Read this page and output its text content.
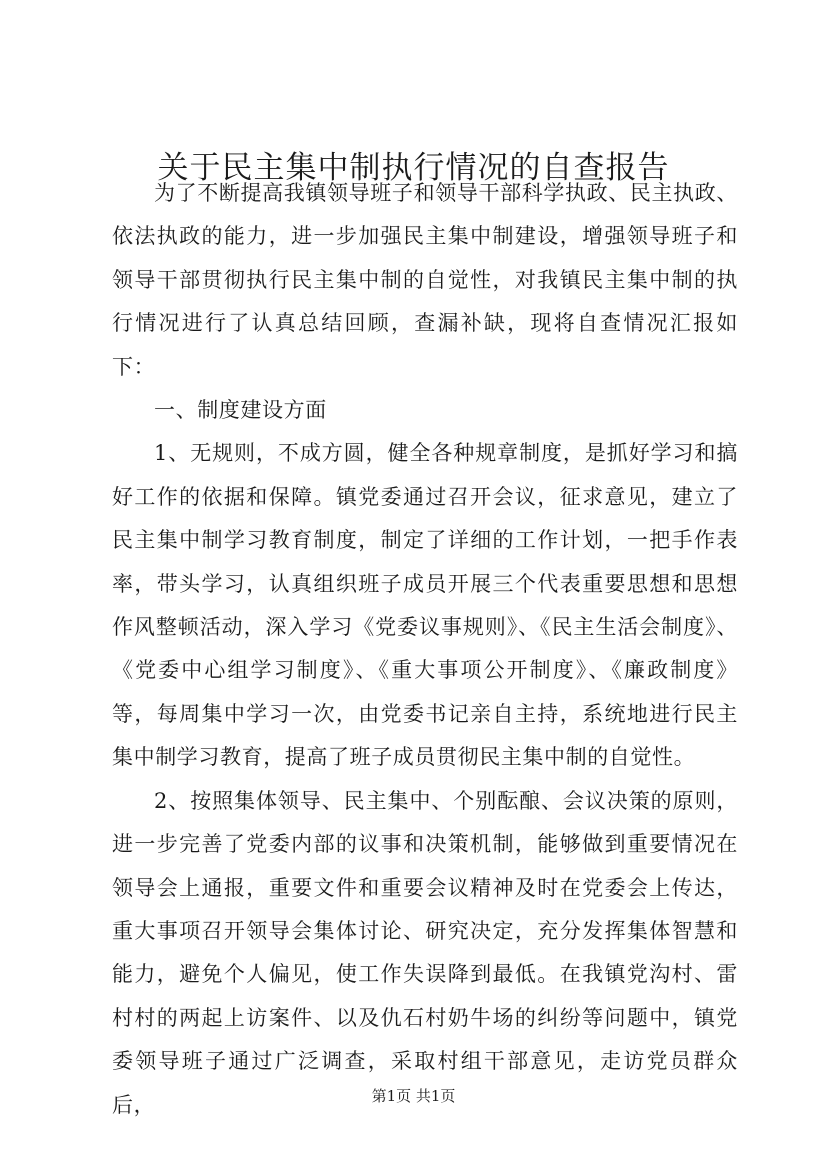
关于民主集中制执行情况的自查报告

为了不断提高我镇领导班子和领导干部科学执政、民主执政、依法执政的能力，进一步加强民主集中制建设，增强领导班子和领导干部贯彻执行民主集中制的自觉性，对我镇民主集中制的执行情况进行了认真总结回顾，查漏补缺，现将自查情况汇报如下：

一、制度建设方面

1、无规则，不成方圆，健全各种规章制度，是抓好学习和搞好工作的依据和保障。镇党委通过召开会议，征求意见，建立了民主集中制学习教育制度，制定了详细的工作计划，一把手作表率，带头学习，认真组织班子成员开展三个代表重要思想和思想作风整顿活动，深入学习《党委议事规则》、《民主生活会制度》、《党委中心组学习制度》、《重大事项公开制度》、《廉政制度》等，每周集中学习一次，由党委书记亲自主持，系统地进行民主集中制学习教育，提高了班子成员贯彻民主集中制的自觉性。

2、按照集体领导、民主集中、个别酝酿、会议决策的原则，进一步完善了党委内部的议事和决策机制，能够做到重要情况在领导会上通报，重要文件和重要会议精神及时在党委会上传达，重大事项召开领导会集体讨论、研究决定，充分发挥集体智慧和能力，避免个人偏见，使工作失误降到最低。在我镇党沟村、雷村村的两起上访案件、以及仇石村奶牛场的纠纷等问题中，镇党委领导班子通过广泛调查，采取村组干部意见，走访党员群众后，	第1页 共1页
